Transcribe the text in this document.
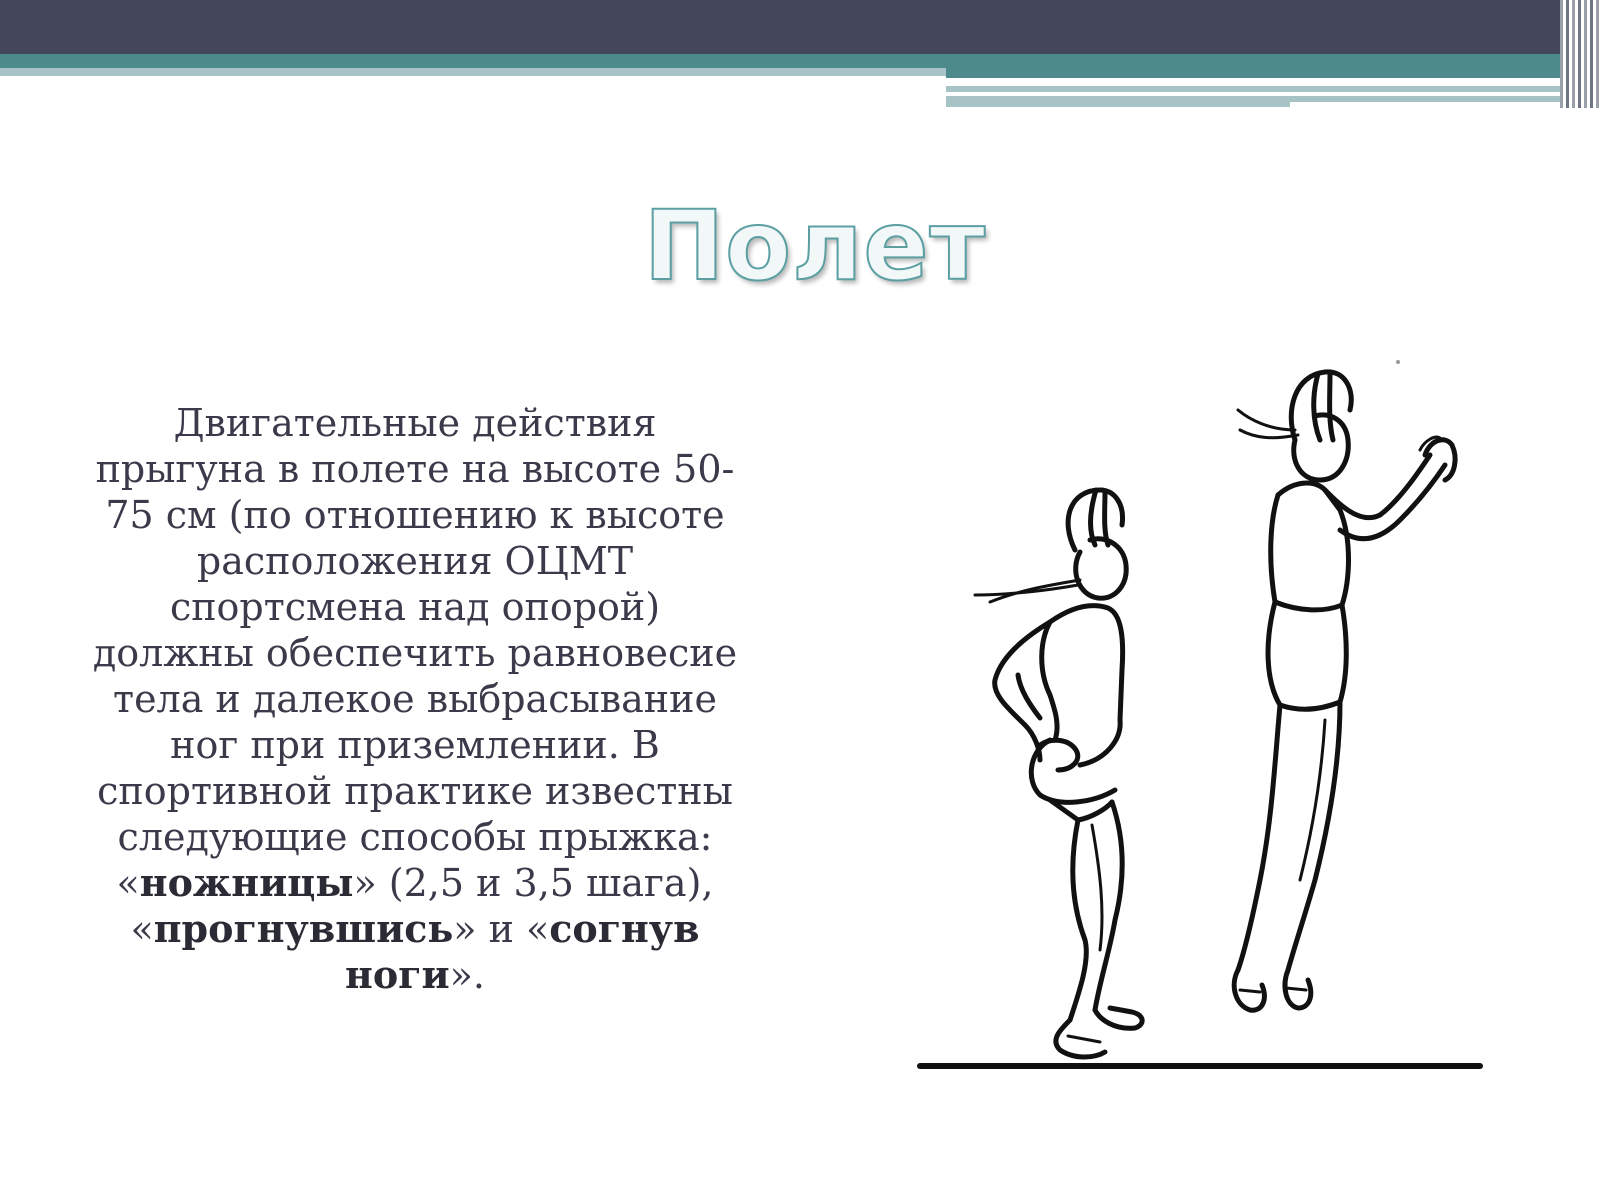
Полет
Двигательные действия прыгуна в полете на высоте 50-75 см (по отношению к высоте расположения ОЦМТ спортсмена над опорой) должны обеспечить равновесие тела и далекое выбрасывание ног при приземлении. В спортивной практике известны следующие способы прыжка: «ножницы» (2,5 и 3,5 шага), «прогнувшись» и «согнув ноги».
